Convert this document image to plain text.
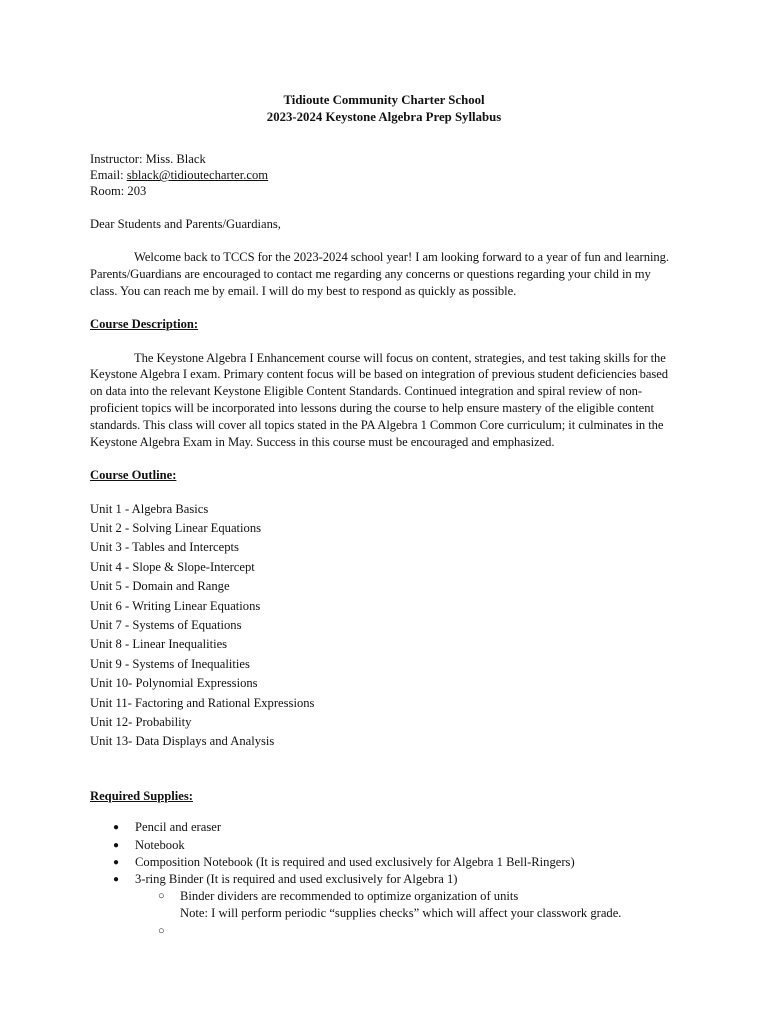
Tidioute Community Charter School
2023-2024 Keystone Algebra Prep Syllabus
Instructor: Miss. Black
Email: sblack@tidioutecharter.com
Room: 203
Dear Students and Parents/Guardians,
Welcome back to TCCS for the 2023-2024 school year! I am looking forward to a year of fun and learning. Parents/Guardians are encouraged to contact me regarding any concerns or questions regarding your child in my class. You can reach me by email. I will do my best to respond as quickly as possible.
Course Description:
The Keystone Algebra I Enhancement course will focus on content, strategies, and test taking skills for the Keystone Algebra I exam. Primary content focus will be based on integration of previous student deficiencies based on data into the relevant Keystone Eligible Content Standards. Continued integration and spiral review of non-proficient topics will be incorporated into lessons during the course to help ensure mastery of the eligible content standards. This class will cover all topics stated in the PA Algebra 1 Common Core curriculum; it culminates in the Keystone Algebra Exam in May. Success in this course must be encouraged and emphasized.
Course Outline:
Unit 1 - Algebra Basics
Unit 2 - Solving Linear Equations
Unit 3 - Tables and Intercepts
Unit 4 - Slope & Slope-Intercept
Unit 5 - Domain and Range
Unit 6 - Writing Linear Equations
Unit 7 - Systems of Equations
Unit 8 - Linear Inequalities
Unit 9 - Systems of Inequalities
Unit 10- Polynomial Expressions
Unit 11- Factoring and Rational Expressions
Unit 12- Probability
Unit 13- Data Displays and Analysis
Required Supplies:
● Pencil and eraser
● Notebook
● Composition Notebook (It is required and used exclusively for Algebra 1 Bell-Ringers)
● 3-ring Binder (It is required and used exclusively for Algebra 1)
○ Binder dividers are recommended to optimize organization of units
Note: I will perform periodic “supplies checks” which will affect your classwork grade.
○
